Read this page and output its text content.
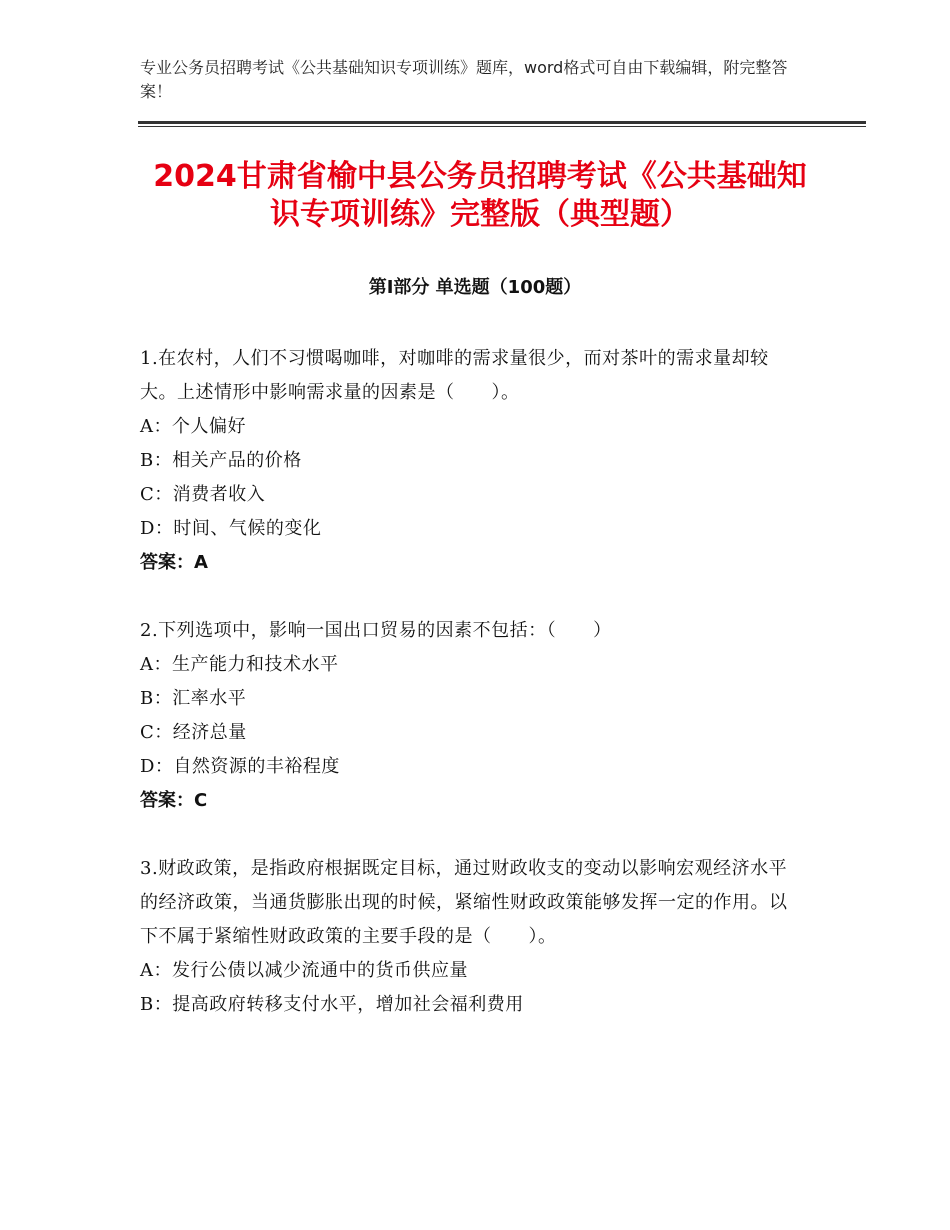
专业公务员招聘考试《公共基础知识专项训练》题库，word格式可自由下载编辑，附完整答案！
2024甘肃省榆中县公务员招聘考试《公共基础知识专项训练》完整版（典型题）
第Ⅰ部分 单选题（100题）

1.在农村，人们不习惯喝咖啡，对咖啡的需求量很少，而对茶叶的需求量却较大。上述情形中影响需求量的因素是（　　）。

A：个人偏好

B：相关产品的价格

C：消费者收入

D：时间、气候的变化

答案：A

2.下列选项中，影响一国出口贸易的因素不包括：（　　）

A：生产能力和技术水平

B：汇率水平

C：经济总量

D：自然资源的丰裕程度

答案：C

3.财政政策，是指政府根据既定目标，通过财政收支的变动以影响宏观经济水平的经济政策，当通货膨胀出现的时候，紧缩性财政政策能够发挥一定的作用。以下不属于紧缩性财政政策的主要手段的是（　　）。

A：发行公债以减少流通中的货币供应量

B：提高政府转移支付水平，增加社会福利费用
